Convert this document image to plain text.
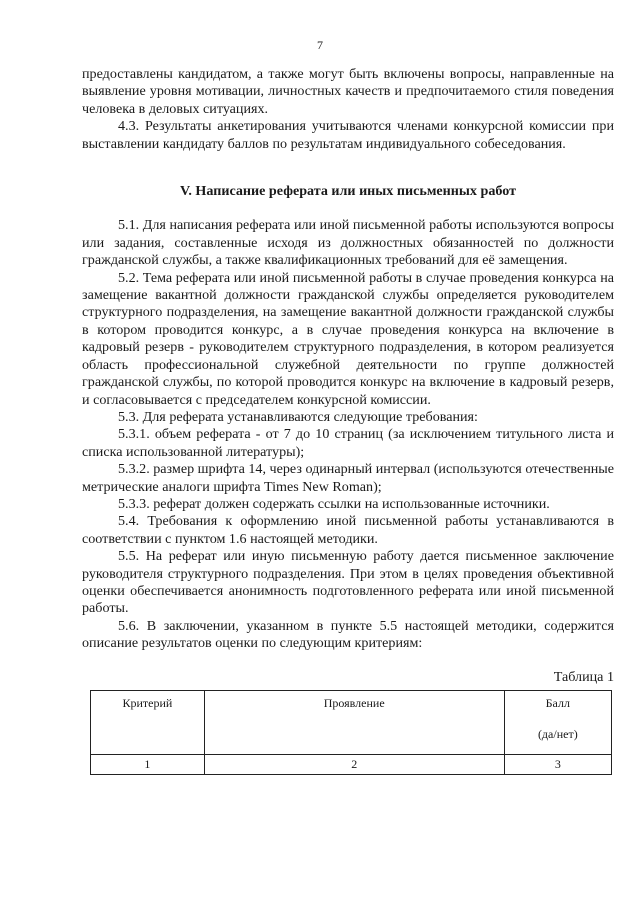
7

предоставлены кандидатом, а также могут быть включены вопросы, направленные на выявление уровня мотивации, личностных качеств и предпочитаемого стиля поведения человека в деловых ситуациях.

4.3. Результаты анкетирования учитываются членами конкурсной комиссии при выставлении кандидату баллов по результатам индивидуального собеседования.

V. Написание реферата или иных письменных работ

5.1. Для написания реферата или иной письменной работы используются вопросы или задания, составленные исходя из должностных обязанностей по должности гражданской службы, а также квалификационных требований для её замещения.

5.2. Тема реферата или иной письменной работы в случае проведения конкурса на замещение вакантной должности гражданской службы определяется руководителем структурного подразделения, на замещение вакантной должности гражданской службы в котором проводится конкурс, а в случае проведения конкурса на включение в кадровый резерв - руководителем структурного подразделения, в котором реализуется область профессиональной служебной деятельности по группе должностей гражданской службы, по которой проводится конкурс на включение в кадровый резерв, и согласовывается с председателем конкурсной комиссии.

5.3. Для реферата устанавливаются следующие требования:

5.3.1. объем реферата - от 7 до 10 страниц (за исключением титульного листа и списка использованной литературы);

5.3.2. размер шрифта 14, через одинарный интервал (используются отечественные метрические аналоги шрифта Times New Roman);

5.3.3. реферат должен содержать ссылки на использованные источники.

5.4. Требования к оформлению иной письменной работы устанавливаются в соответствии с пунктом 1.6 настоящей методики.

5.5. На реферат или иную письменную работу дается письменное заключение руководителя структурного подразделения. При этом в целях проведения объективной оценки обеспечивается анонимность подготовленного реферата или иной письменной работы.

5.6. В заключении, указанном в пункте 5.5 настоящей методики, содержится описание результатов оценки по следующим критериям:

Таблица 1

Критерий	Проявление	Балл
(да/нет)

1	2	3
